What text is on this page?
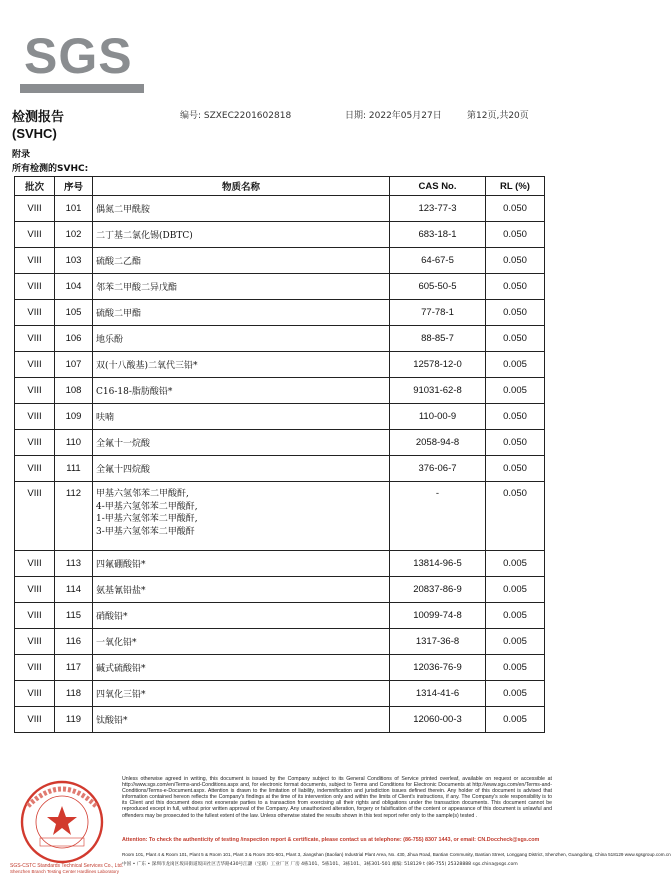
SGS
检测报告
(SVHC)
编号: SZXEC2201602818	日期: 2022年05月27日	第12页,共20页
附录
所有检测的SVHC:
批次	序号	物质名称	CAS No.	RL (%)
VIII	101	偶氮二甲酰胺	123-77-3	0.050
VIII	102	二丁基二氯化锡(DBTC)	683-18-1	0.050
VIII	103	硫酸二乙酯	64-67-5	0.050
VIII	104	邻苯二甲酸二异戊酯	605-50-5	0.050
VIII	105	硫酸二甲酯	77-78-1	0.050
VIII	106	地乐酚	88-85-7	0.050
VIII	107	双(十八酸基)二氧代三铅*	12578-12-0	0.005
VIII	108	C16-18-脂肪酸铅*	91031-62-8	0.005
VIII	109	呋喃	110-00-9	0.050
VIII	110	全氟十一烷酸	2058-94-8	0.050
VIII	111	全氟十四烷酸	376-06-7	0.050
VIII	112	甲基六氢邻苯二甲酸酐,
4-甲基六氢邻苯二甲酸酐,
1-甲基六氢邻苯二甲酸酐,
3-甲基六氢邻苯二甲酸酐	-	0.050
VIII	113	四氟硼酸铅*	13814-96-5	0.005
VIII	114	氨基氰铅盐*	20837-86-9	0.005
VIII	115	硝酸铅*	10099-74-8	0.005
VIII	116	一氧化铅*	1317-36-8	0.005
VIII	117	碱式硫酸铅*	12036-76-9	0.005
VIII	118	四氧化三铅*	1314-41-6	0.005
VIII	119	钛酸铅*	12060-00-3	0.005
SGS-CSTC Standards Technical Services Co., Ltd.
Shenzhen Branch Testing Center Hardlines Laboratory
Unless otherwise agreed in writing, this document is issued by the Company subject to its General Conditions of Service printed overleaf, available on request or accessible at http://www.sgs.com/en/Terms-and-Conditions.aspx and, for electronic format documents, subject to Terms and Conditions for Electronic Documents at http://www.sgs.com/en/Terms-and-Conditions/Terms-e-Document.aspx. Attention is drawn to the limitation of liability, indemnification and jurisdiction issues defined therein. Any holder of this document is advised that information contained hereon reflects the Company's findings at the time of its intervention only and within the limits of Client's instructions, if any. The Company's sole responsibility is to its Client and this document does not exonerate parties to a transaction from exercising all their rights and obligations under the transaction documents. This document cannot be reproduced except in full, without prior written approval of the Company. Any unauthorized alteration, forgery or falsification of the content or appearance of this document is unlawful and offenders may be prosecuted to the fullest extent of the law. Unless otherwise stated the results shown in this test report refer only to the sample(s) tested .
Attention: To check the authenticity of testing /inspection report & certificate, please contact us at telephone: (86-755) 8307 1443, or email: CN.Doccheck@sgs.com
Room 101, Plant 4 & Room 101, Plant 5 & Room 101, Plant 3 & Room 301-501, Plant 3, Jiangshan (Baolian) Industrial Plant Area, No. 430, Jihua Road, Bantian Community, Bantian Street, Longgang District, Shenzhen, Guangdong, China 518129 www.sgsgroup.com.cn
中国 • 广东 • 深圳市龙岗区坂田街道坂田社区吉华路430号江灏（宝联）工业厂区 厂房 4栋101、5栋101、3栋101、3栋301-501 邮编: 518129 t (86-755) 25328888 sgs.china@sgs.com
